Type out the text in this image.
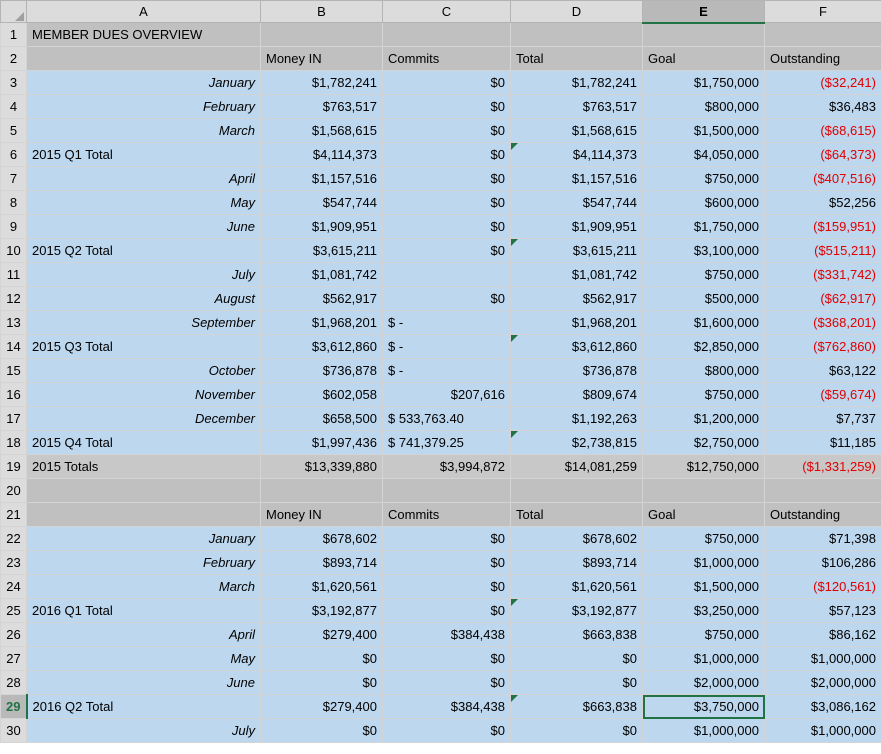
	A	B	C	D	E	F
1	MEMBER DUES OVERVIEW					
2		Money IN	Commits	Total	Goal	Outstanding
3	January	$1,782,241	$0	$1,782,241	$1,750,000	($32,241)
4	February	$763,517	$0	$763,517	$800,000	$36,483
5	March	$1,568,615	$0	$1,568,615	$1,500,000	($68,615)
6	2015 Q1 Total	$4,114,373	$0	$4,114,373	$4,050,000	($64,373)
7	April	$1,157,516	$0	$1,157,516	$750,000	($407,516)
8	May	$547,744	$0	$547,744	$600,000	$52,256
9	June	$1,909,951	$0	$1,909,951	$1,750,000	($159,951)
10	2015 Q2 Total	$3,615,211	$0	$3,615,211	$3,100,000	($515,211)
11	July	$1,081,742		$1,081,742	$750,000	($331,742)
12	August	$562,917	$0	$562,917	$500,000	($62,917)
13	September	$1,968,201	$ -	$1,968,201	$1,600,000	($368,201)
14	2015 Q3 Total	$3,612,860	$ -	$3,612,860	$2,850,000	($762,860)
15	October	$736,878	$ -	$736,878	$800,000	$63,122
16	November	$602,058	$207,616	$809,674	$750,000	($59,674)
17	December	$658,500	$ 533,763.40	$1,192,263	$1,200,000	$7,737
18	2015 Q4 Total	$1,997,436	$ 741,379.25	$2,738,815	$2,750,000	$11,185
19	2015 Totals	$13,339,880	$3,994,872	$14,081,259	$12,750,000	($1,331,259)
20						
21		Money IN	Commits	Total	Goal	Outstanding
22	January	$678,602	$0	$678,602	$750,000	$71,398
23	February	$893,714	$0	$893,714	$1,000,000	$106,286
24	March	$1,620,561	$0	$1,620,561	$1,500,000	($120,561)
25	2016 Q1 Total	$3,192,877	$0	$3,192,877	$3,250,000	$57,123
26	April	$279,400	$384,438	$663,838	$750,000	$86,162
27	May	$0	$0	$0	$1,000,000	$1,000,000
28	June	$0	$0	$0	$2,000,000	$2,000,000
29	2016 Q2 Total	$279,400	$384,438	$663,838	$3,750,000	$3,086,162
30	July	$0	$0	$0	$1,000,000	$1,000,000
